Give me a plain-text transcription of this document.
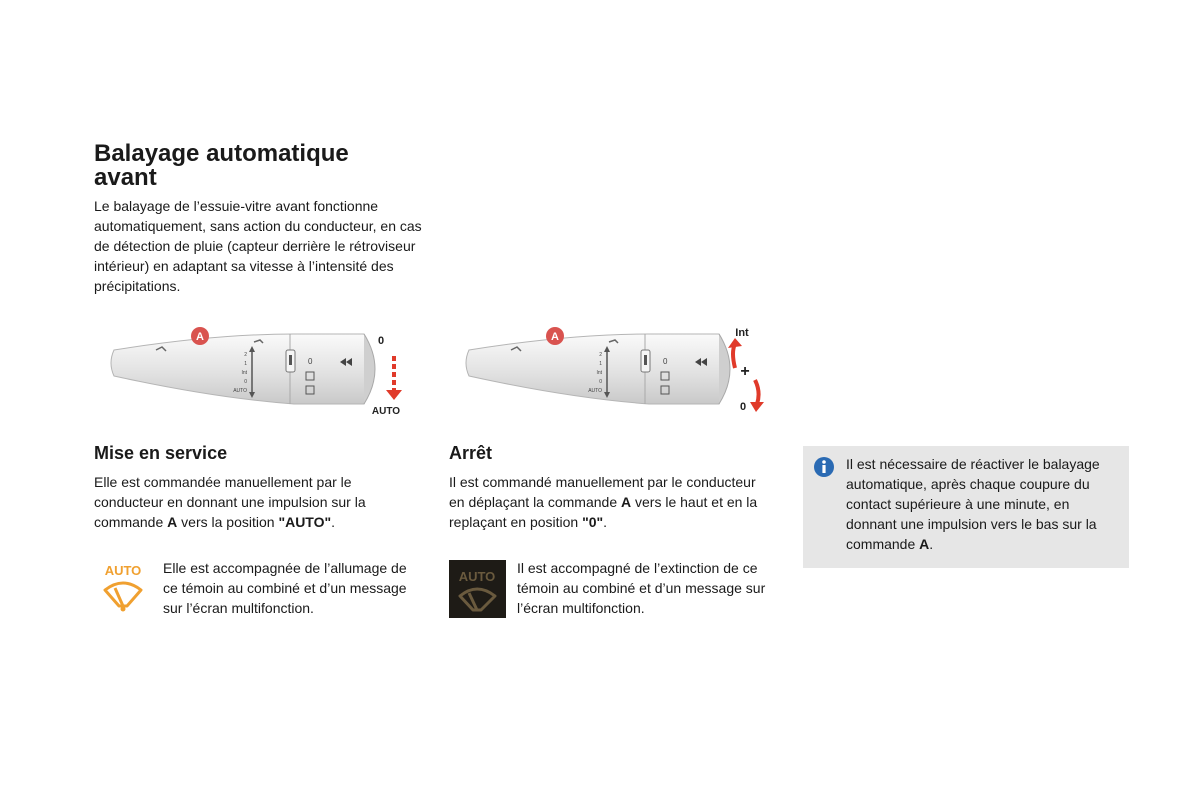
Balayage automatique avant

Le balayage de l’essuie-vitre avant fonctionne automatiquement, sans action du conducteur, en cas de détection de pluie (capteur derrière le rétroviseur intérieur) en adaptant sa vitesse à l’intensité des précipitations.

2
1
Int
0
AUTO
0
A	0
AUTO
2
1
Int
0
AUTO
0
A	Int
+
0
Mise en service

Elle est commandée manuellement par le conducteur en donnant une impulsion sur la commande A vers la position "AUTO".

AUTO Elle est accompagnée de l’allumage de ce témoin au combiné et d’un message sur l’écran multifonction.

Arrêt

Il est commandé manuellement par le conducteur en déplaçant la commande A vers le haut et en la replaçant en position "0".

AUTO

Il est accompagné de l’extinction de ce témoin au combiné et d’un message sur l’écran multifonction.

Il est nécessaire de réactiver le balayage automatique, après chaque coupure du contact supérieure à une minute, en donnant une impulsion vers le bas sur la commande A.
